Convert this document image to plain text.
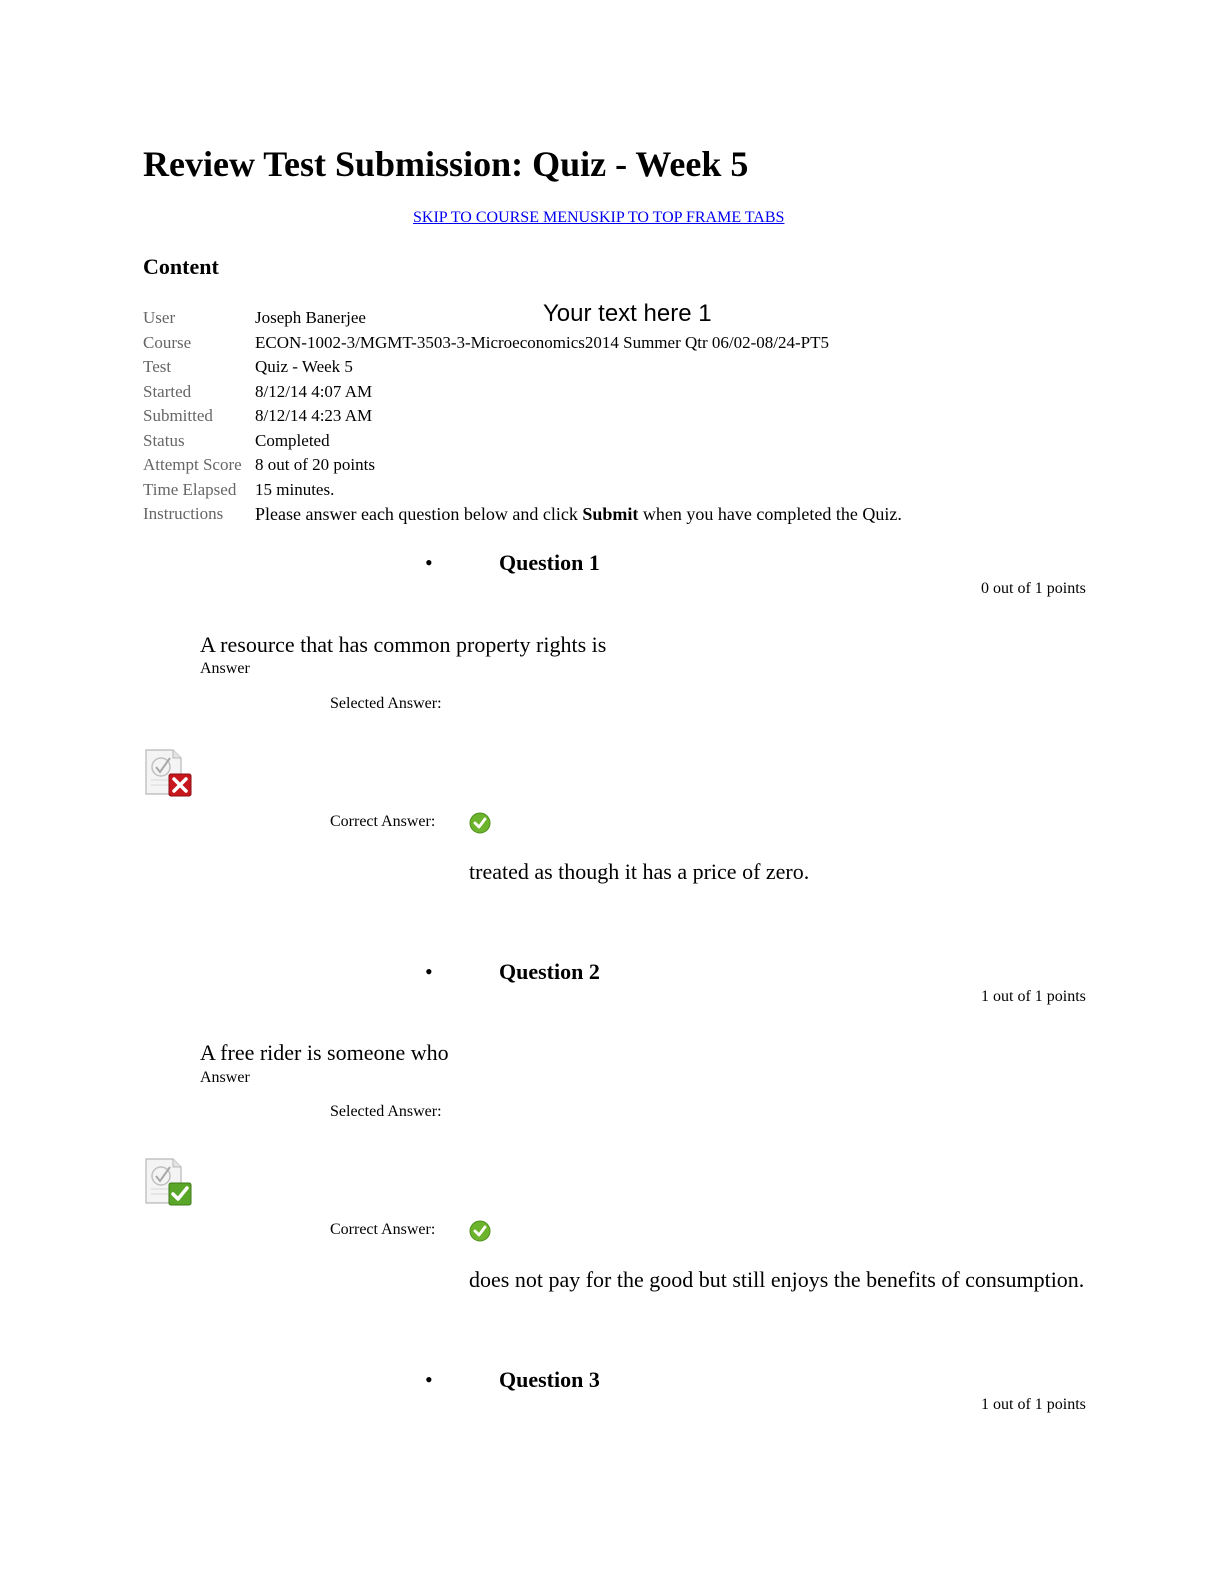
Review Test Submission: Quiz - Week 5
SKIP TO COURSE MENUSKIP TO TOP FRAME TABS
Content
Your text here 1
User	Joseph Banerjee
Course	ECON-1002-3/MGMT-3503-3-Microeconomics2014 Summer Qtr 06/02-08/24-PT5
Test	Quiz - Week 5
Started	8/12/14 4:07 AM
Submitted	8/12/14 4:23 AM
Status	Completed
Attempt Score	8 out of 20 points
Time Elapsed	15 minutes.
Instructions	Please answer each question below and click Submit when you have completed the Quiz.
•	Question 1
0 out of 1 points
A resource that has common property rights is
Answer
Selected Answer:
Correct Answer:
treated as though it has a price of zero.
•	Question 2
1 out of 1 points
A free rider is someone who
Answer
Selected Answer:
Correct Answer:
does not pay for the good but still enjoys the benefits of consumption.
•	Question 3
1 out of 1 points
